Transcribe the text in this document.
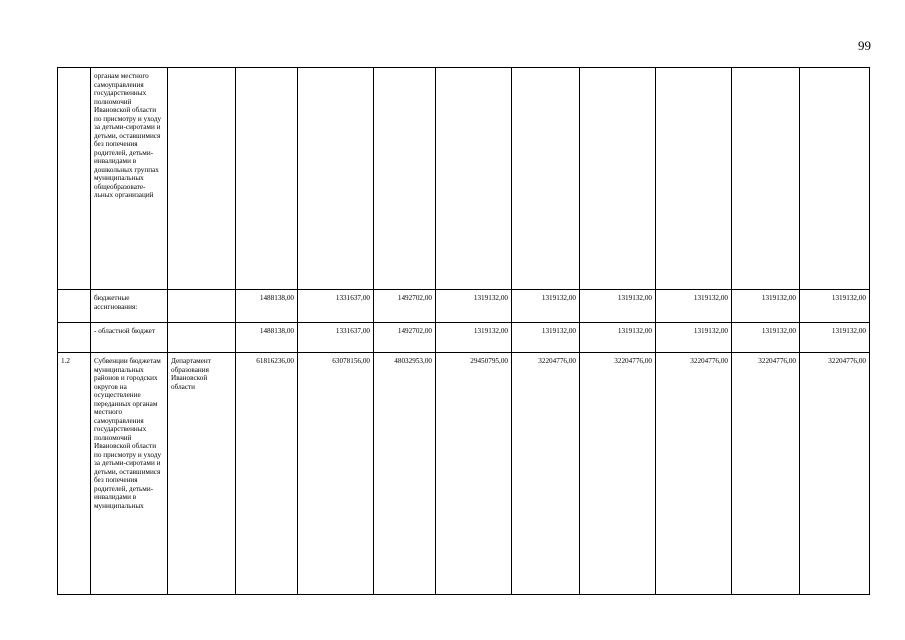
99
	органам местного самоуправления государственных полномочий Ивановской области по присмотру и уходу за детьми-сиротами и детьми, оставшимися без попечения родителей, детьми-инвалидами в дошкольных группах муниципальных общеобразовате-льных организаций										
	бюджетные ассигнования:		1488138,00	1331637,00	1492702,00	1319132,00	1319132,00	1319132,00	1319132,00	1319132,00	1319132,00
	- областной бюджет		1488138,00	1331637,00	1492702,00	1319132,00	1319132,00	1319132,00	1319132,00	1319132,00	1319132,00
1.2	Субвенции бюджетам муниципальных районов и городских округов на осуществление переданных органам местного самоуправления государственных полномочий Ивановской области по присмотру и уходу за детьми-сиротами и детьми, оставшимися без попечения родителей, детьми-инвалидами в муниципальных	Департамент образования Ивановской области	61816236,00	63078156,00	48032953,00	29450795,00	32204776,00	32204776,00	32204776,00	32204776,00	32204776,00
